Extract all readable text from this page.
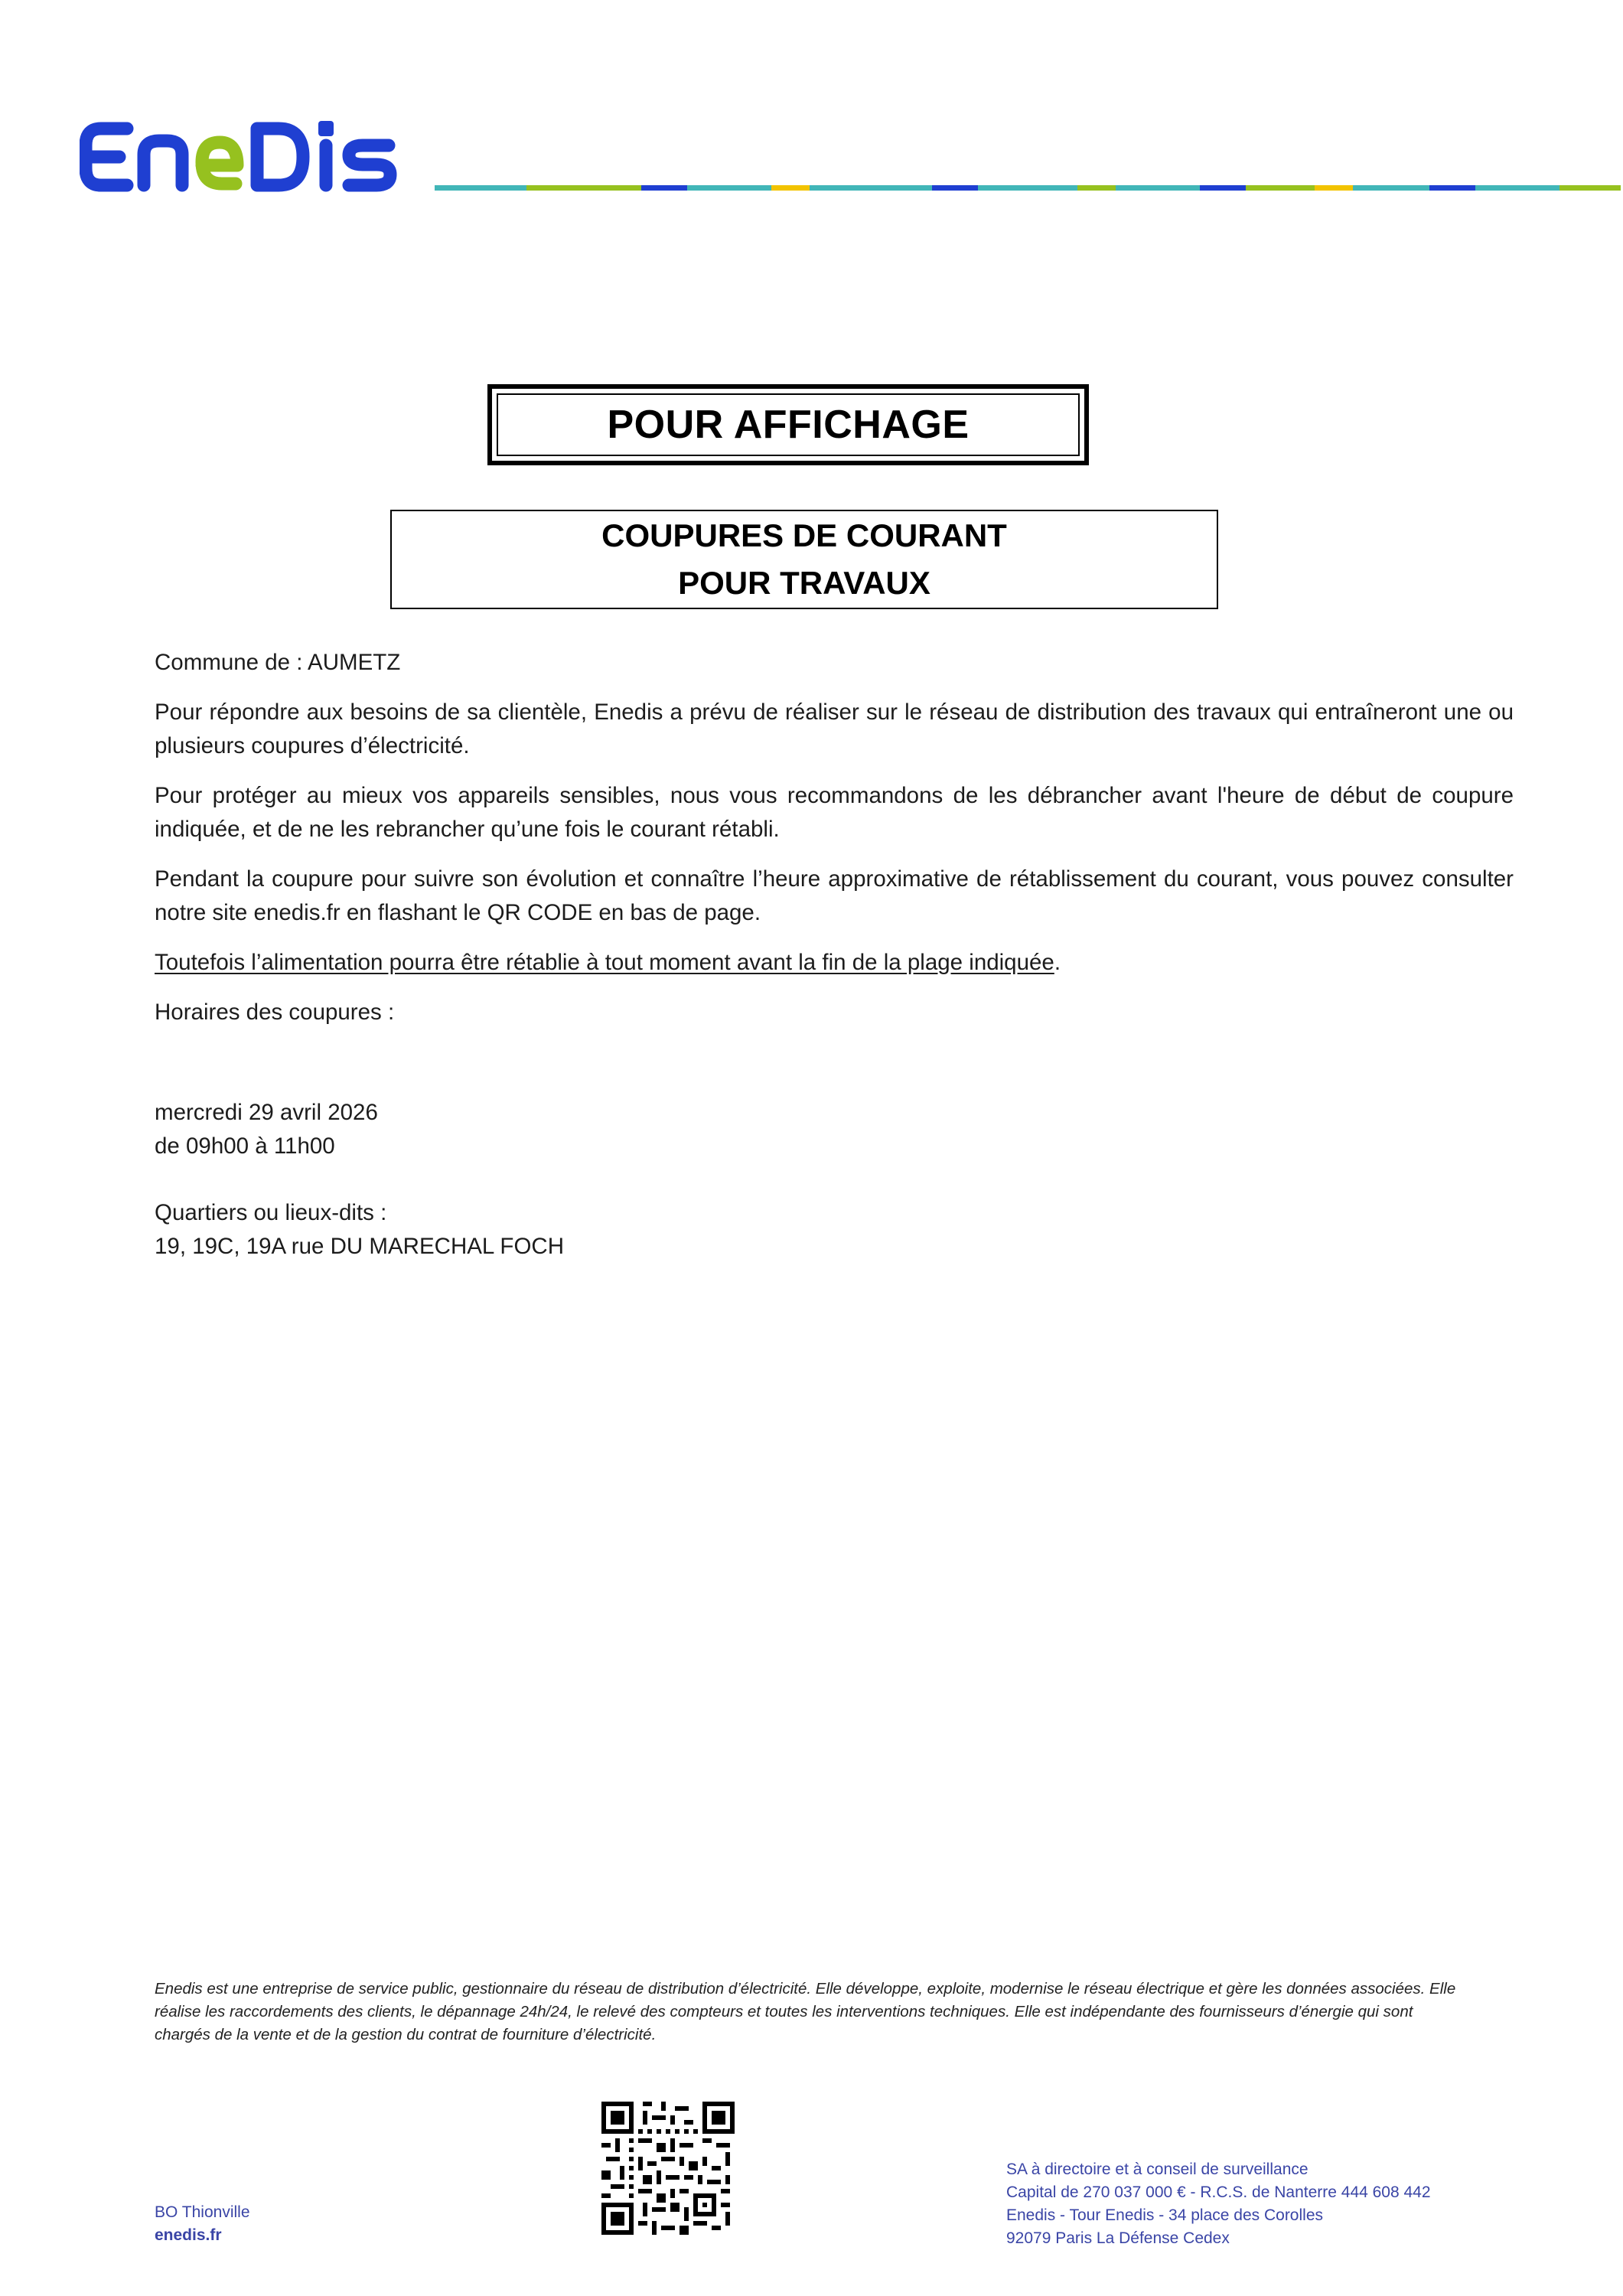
POUR AFFICHAGE
COUPURES DE COURANT
POUR TRAVAUX
Commune de : AUMETZ
Pour répondre aux besoins de sa clientèle, Enedis a prévu de réaliser sur le réseau de distribution des travaux qui entraîneront une ou plusieurs coupures d’électricité.
Pour protéger au mieux vos appareils sensibles, nous vous recommandons de les débrancher avant l'heure de début de coupure indiquée, et de ne les rebrancher qu’une fois le courant rétabli.
Pendant la coupure pour suivre son évolution et connaître l’heure approximative de rétablissement du courant, vous pouvez consulter notre site enedis.fr en flashant le QR CODE en bas de page.
Toutefois l’alimentation pourra être rétablie à tout moment avant la fin de la plage indiquée.
Horaires des coupures :
mercredi 29 avril 2026
de 09h00 à 11h00
Quartiers ou lieux-dits :
19, 19C, 19A rue DU MARECHAL FOCH
Enedis est une entreprise de service public, gestionnaire du réseau de distribution d’électricité. Elle développe, exploite, modernise le réseau électrique et gère les données associées. Elle réalise les raccordements des clients, le dépannage 24h/24, le relevé des compteurs et toutes les interventions techniques. Elle est indépendante des fournisseurs d’énergie qui sont chargés de la vente et de la gestion du contrat de fourniture d’électricité.
BO Thionville
enedis.fr
SA à directoire et à conseil de surveillance
Capital de 270 037 000 € - R.C.S. de Nanterre 444 608 442
Enedis - Tour Enedis - 34 place des Corolles
92079 Paris La Défense Cedex
